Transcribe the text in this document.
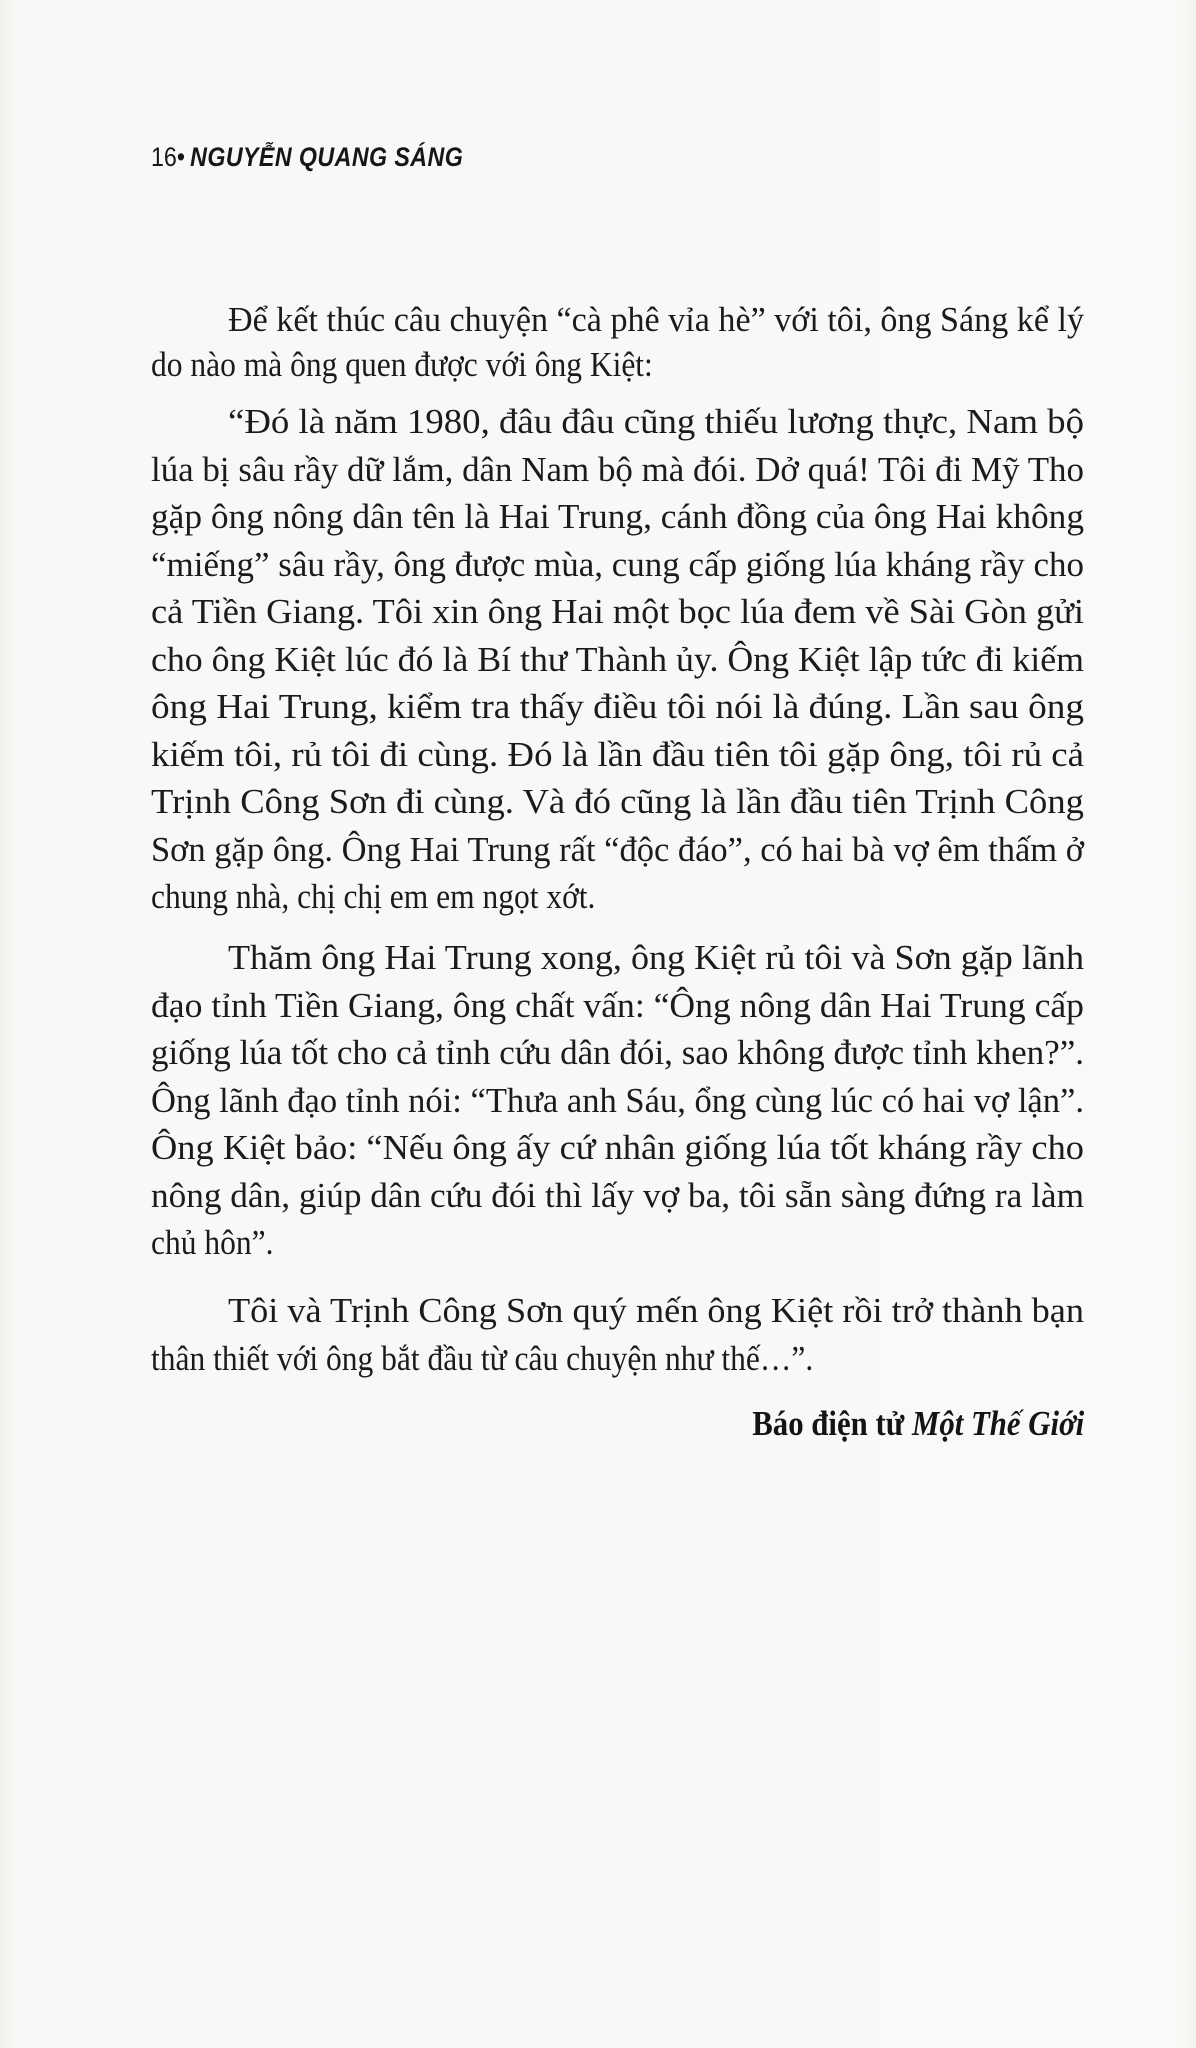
16• NGUYỄN QUANG SÁNG
Để kết thúc câu chuyện “cà phê vỉa hè” với tôi, ông Sáng kể lý
do nào mà ông quen được với ông Kiệt:
“Đó là năm 1980, đâu đâu cũng thiếu lương thực, Nam bộ
lúa bị sâu rầy dữ lắm, dân Nam bộ mà đói. Dở quá! Tôi đi Mỹ Tho
gặp ông nông dân tên là Hai Trung, cánh đồng của ông Hai không
“miếng” sâu rầy, ông được mùa, cung cấp giống lúa kháng rầy cho
cả Tiền Giang. Tôi xin ông Hai một bọc lúa đem về Sài Gòn gửi
cho ông Kiệt lúc đó là Bí thư Thành ủy. Ông Kiệt lập tức đi kiếm
ông Hai Trung, kiểm tra thấy điều tôi nói là đúng. Lần sau ông
kiếm tôi, rủ tôi đi cùng. Đó là lần đầu tiên tôi gặp ông, tôi rủ cả
Trịnh Công Sơn đi cùng. Và đó cũng là lần đầu tiên Trịnh Công
Sơn gặp ông. Ông Hai Trung rất “độc đáo”, có hai bà vợ êm thấm ở
chung nhà, chị chị em em ngọt xớt.
Thăm ông Hai Trung xong, ông Kiệt rủ tôi và Sơn gặp lãnh
đạo tỉnh Tiền Giang, ông chất vấn: “Ông nông dân Hai Trung cấp
giống lúa tốt cho cả tỉnh cứu dân đói, sao không được tỉnh khen?”.
Ông lãnh đạo tỉnh nói: “Thưa anh Sáu, ổng cùng lúc có hai vợ lận”.
Ông Kiệt bảo: “Nếu ông ấy cứ nhân giống lúa tốt kháng rầy cho
nông dân, giúp dân cứu đói thì lấy vợ ba, tôi sẵn sàng đứng ra làm
chủ hôn”.
Tôi và Trịnh Công Sơn quý mến ông Kiệt rồi trở thành bạn
thân thiết với ông bắt đầu từ câu chuyện như thế…”.
Báo điện tử Một Thế Giới
